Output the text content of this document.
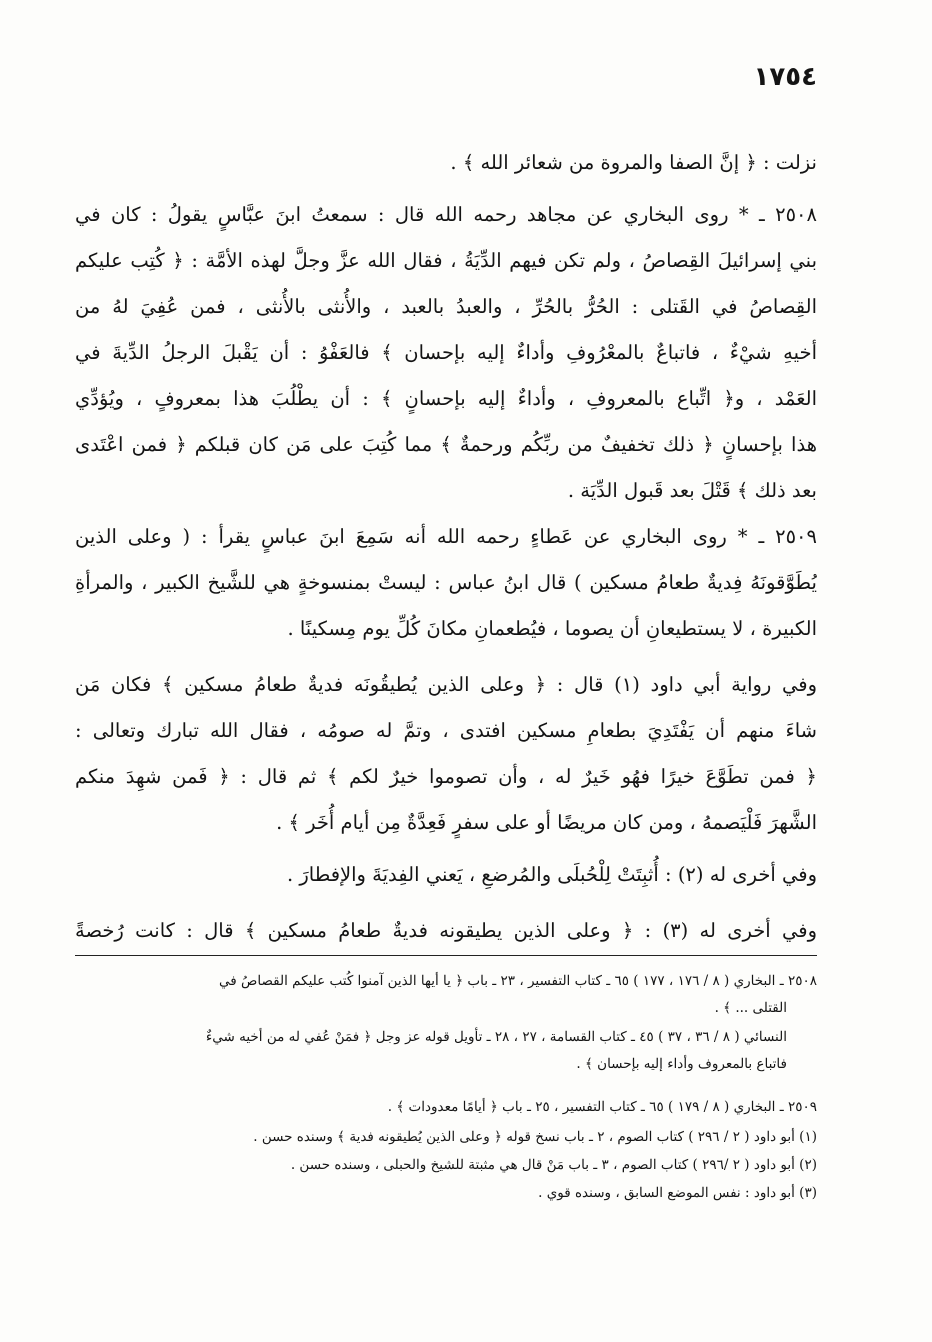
١٧٥٤
نزلت : ﴿ إنَّ الصفا والمروة من شعائر الله ﴾ .
٢٥٠٨ ـ * روى البخاري عن مجاهد رحمه الله قال : سمعتُ ابنَ عبَّاسٍ يقولُ : كان في
بني إسرائيلَ القِصاصُ ، ولم تكن فيهم الدِّيَةُ ، فقال الله عزَّ وجلَّ لهذه الأمَّة : ﴿ كُتِب عليكم
القِصاصُ في القَتلى : الحُرُّ بالحُرِّ ، والعبدُ بالعبد ، والأُنثى بالأُنثى ، فمن عُفِيَ لهُ من
أخيهِ شيْءٌ ، فاتباعٌ بالمعْرُوفِ وأداءٌ إليه بإحسان ﴾ فالعَفْوُ : أن يَقْبلَ الرجلُ الدِّيةَ في
العَمْد ، و﴿ اتِّباع بالمعروفِ ، وأداءٌ إليه بإحسانٍ ﴾ : أن يطْلُبَ هذا بمعروفٍ ، ويُؤدِّي
هذا بإحسانٍ ﴿ ذلك تخفيفٌ من ربِّكُم ورحمةٌ ﴾ مما كُتِبَ على مَن كان قبلكم ﴿ فمن اعْتَدى
بعد ذلك ﴾ قَتْلَ بعد قَبول الدِّيَة .
٢٥٠٩ ـ * روى البخاري عن عَطاءٍ رحمه الله أنه سَمِعَ ابنَ عباسٍ يقرأ : ( وعلى الذين
يُطَوَّقونَهُ فِديةٌ طعامُ مسكين ) قال ابنُ عباس : ليستْ بمنسوخةٍ هي للشَّيخ الكبير ، والمرأةِ
الكبيرة ، لا يستطيعانِ أن يصوما ، فيُطعمانِ مكانَ كُلِّ يوم مِسكينًا .
وفي رواية أبي داود (١) قال : ﴿ وعلى الذين يُطيقُونَه فديةٌ طعامُ مسكين ﴾ فكان مَن
شاءَ منهم أن يَفْتَدِيَ بطعامِ مسكين افتدى ، وتمَّ له صومُه ، فقال الله تبارك وتعالى :
﴿ فمن تطَوَّعَ خيرًا فهُو خَيرٌ له ، وأن تصوموا خيرٌ لكم ﴾ ثم قال : ﴿ فَمن شهِدَ منكم
الشَّهرَ فَلْيَصمهُ ، ومن كان مريضًا أو على سفرٍ فَعِدَّةٌ مِن أيام أُخَر ﴾ .
وفي أخرى له (٢) : أُثبِتَتْ لِلْحُبلَى والمُرضعِ ، يَعني الفِديَةَ والإفطارَ .
وفي أخرى له (٣) : ﴿ وعلى الذين يطيقونه فديةٌ طعامُ مسكين ﴾ قال : كانت رُخصةً
٢٥٠٨ ـ البخاري ( ٨ / ١٧٦ ، ١٧٧ ) ٦٥ ـ كتاب التفسير ، ٢٣ ـ باب ﴿ يا أيها الذين آمنوا كُتب عليكم القصاصُ في
القتلى ... ﴾ .
النسائي ( ٨ / ٣٦ ، ٣٧ ) ٤٥ ـ كتاب القسامة ، ٢٧ ، ٢٨ ـ تأويل قوله عز وجل ﴿ فمَنْ عُفي له من أخيه شيءٌ
فاتباع بالمعروف وأداء إليه بإحسان ﴾ .
٢٥٠٩ ـ البخاري ( ٨ / ١٧٩ ) ٦٥ ـ كتاب التفسير ، ٢٥ ـ باب ﴿ أيامًا معدودات ﴾ .
(١) أبو داود ( ٢ / ٢٩٦ ) كتاب الصوم ، ٢ ـ باب نسخ قوله ﴿ وعلى الذين يُطيقونه فدية ﴾ وسنده حسن .
(٢) أبو داود ( ٢ /٢٩٦ ) كتاب الصوم ، ٣ ـ باب مَنْ قال هي مثبتة للشيخ والحبلى ، وسنده حسن .
(٣) أبو داود : نفس الموضع السابق ، وسنده قوي .
